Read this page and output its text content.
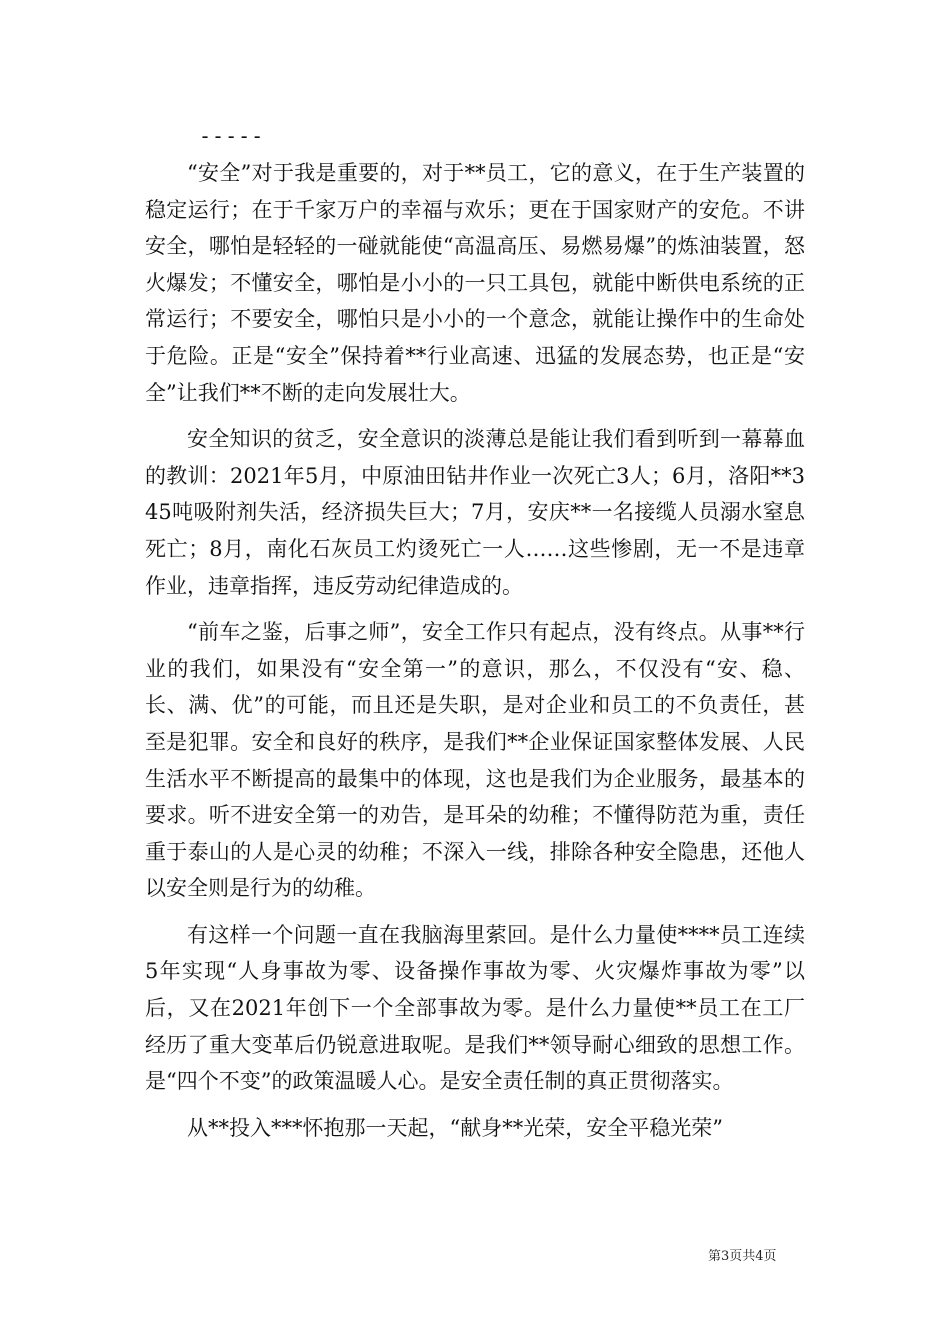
-----

“安全”对于我是重要的，对于**员工，它的意义，在于生产装置的稳定运行；在于千家万户的幸福与欢乐；更在于国家财产的安危。不讲安全，哪怕是轻轻的一碰就能使“高温高压、易燃易爆”的炼油装置，怒火爆发；不懂安全，哪怕是小小的一只工具包，就能中断供电系统的正常运行；不要安全，哪怕只是小小的一个意念，就能让操作中的生命处于危险。正是“安全”保持着**行业高速、迅猛的发展态势，也正是“安全”让我们**不断的走向发展壮大。

安全知识的贫乏，安全意识的淡薄总是能让我们看到听到一幕幕血的教训：2021年5月，中原油田钻井作业一次死亡3人；6月，洛阳**345吨吸附剂失活，经济损失巨大；7月，安庆**一名接缆人员溺水窒息死亡；8月，南化石灰员工灼烫死亡一人……这些惨剧，无一不是违章作业，违章指挥，违反劳动纪律造成的。

“前车之鉴，后事之师”，安全工作只有起点，没有终点。从事**行业的我们，如果没有“安全第一”的意识，那么，不仅没有“安、稳、长、满、优”的可能，而且还是失职，是对企业和员工的不负责任，甚至是犯罪。安全和良好的秩序，是我们**企业保证国家整体发展、人民生活水平不断提高的最集中的体现，这也是我们为企业服务，最基本的要求。听不进安全第一的劝告，是耳朵的幼稚；不懂得防范为重，责任重于泰山的人是心灵的幼稚；不深入一线，排除各种安全隐患，还他人以安全则是行为的幼稚。

有这样一个问题一直在我脑海里萦回。是什么力量使****员工连续5年实现“人身事故为零、设备操作事故为零、火灾爆炸事故为零”以后，又在2021年创下一个全部事故为零。是什么力量使**员工在工厂经历了重大变革后仍锐意进取呢。是我们**领导耐心细致的思想工作。是“四个不变”的政策温暖人心。是安全责任制的真正贯彻落实。

从**投入***怀抱那一天起，“献身**光荣，安全平稳光荣”

第3页共4页
